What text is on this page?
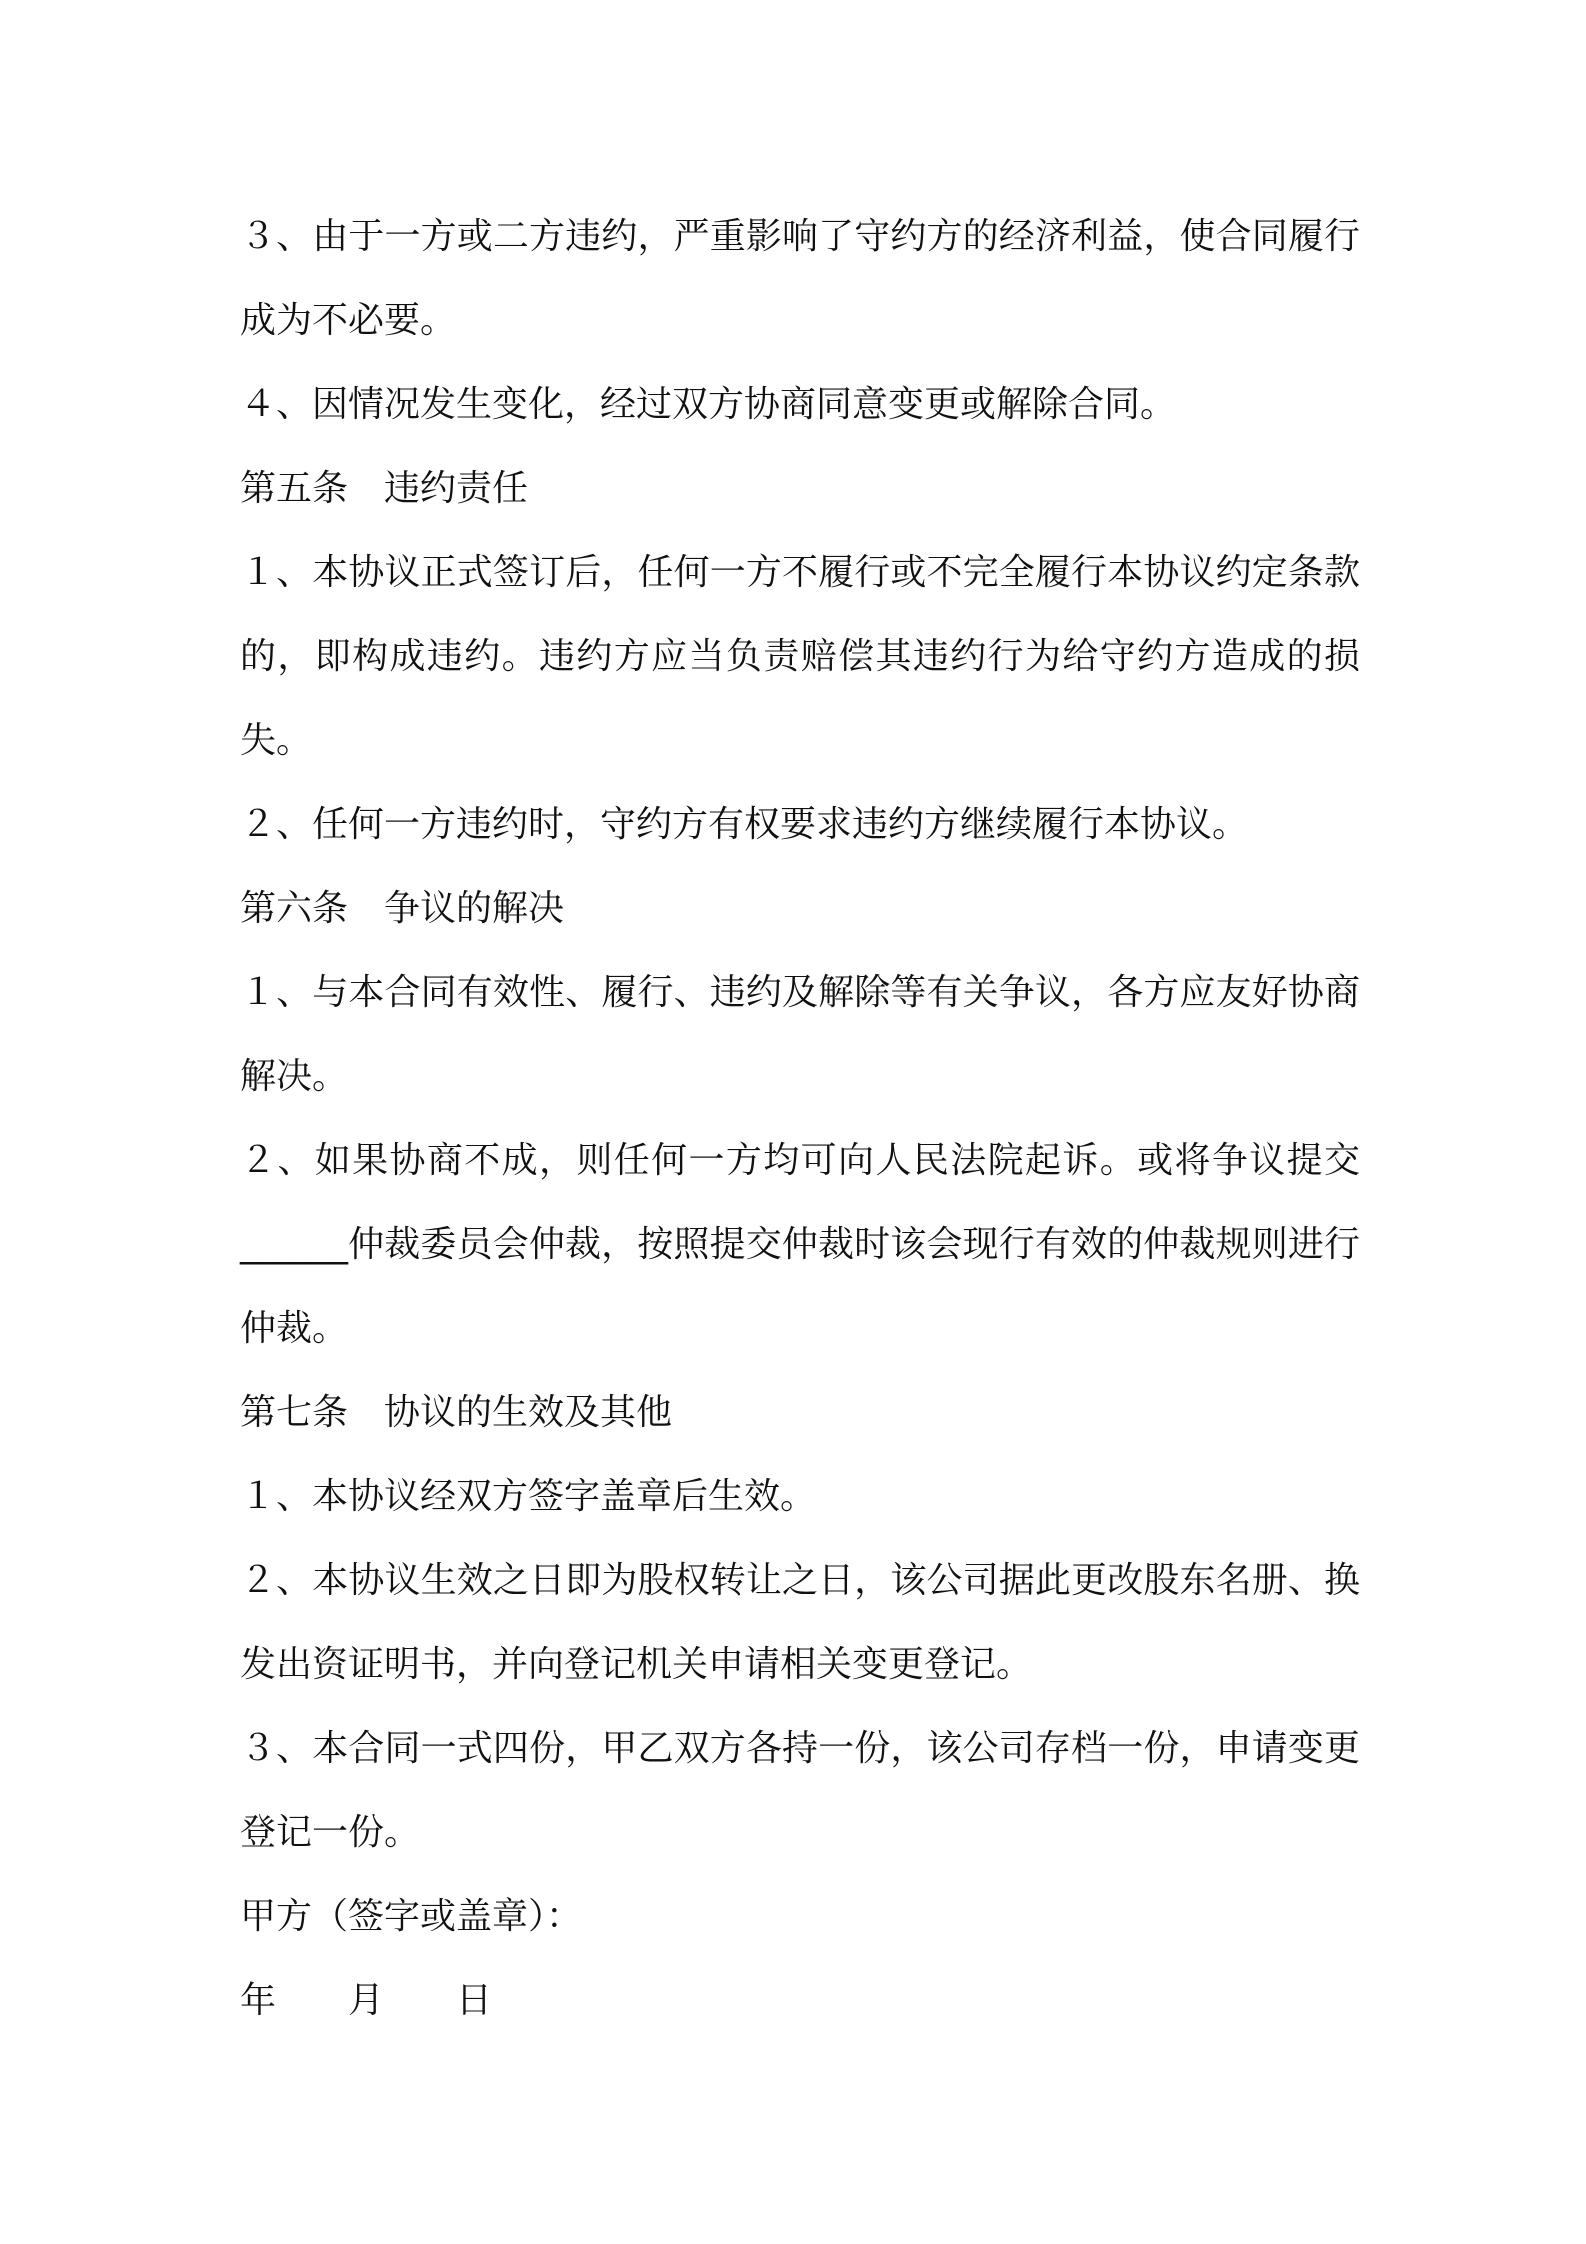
３、由于一方或二方违约，严重影响了守约方的经济利益，使合同履行成为不必要。

４、因情况发生变化，经过双方协商同意变更或解除合同。

第五条　违约责任

１、本协议正式签订后，任何一方不履行或不完全履行本协议约定条款的，即构成违约。违约方应当负责赔偿其违约行为给守约方造成的损失。

２、任何一方违约时，守约方有权要求违约方继续履行本协议。

第六条　争议的解决

１、与本合同有效性、履行、违约及解除等有关争议，各方应友好协商解决。

２、如果协商不成，则任何一方均可向人民法院起诉。或将争议提交______仲裁委员会仲裁，按照提交仲裁时该会现行有效的仲裁规则进行仲裁。

第七条　协议的生效及其他

１、本协议经双方签字盖章后生效。

２、本协议生效之日即为股权转让之日，该公司据此更改股东名册、换发出资证明书，并向登记机关申请相关变更登记。

３、本合同一式四份，甲乙双方各持一份，该公司存档一份，申请变更登记一份。

甲方（签字或盖章）：

年　　月　　日
